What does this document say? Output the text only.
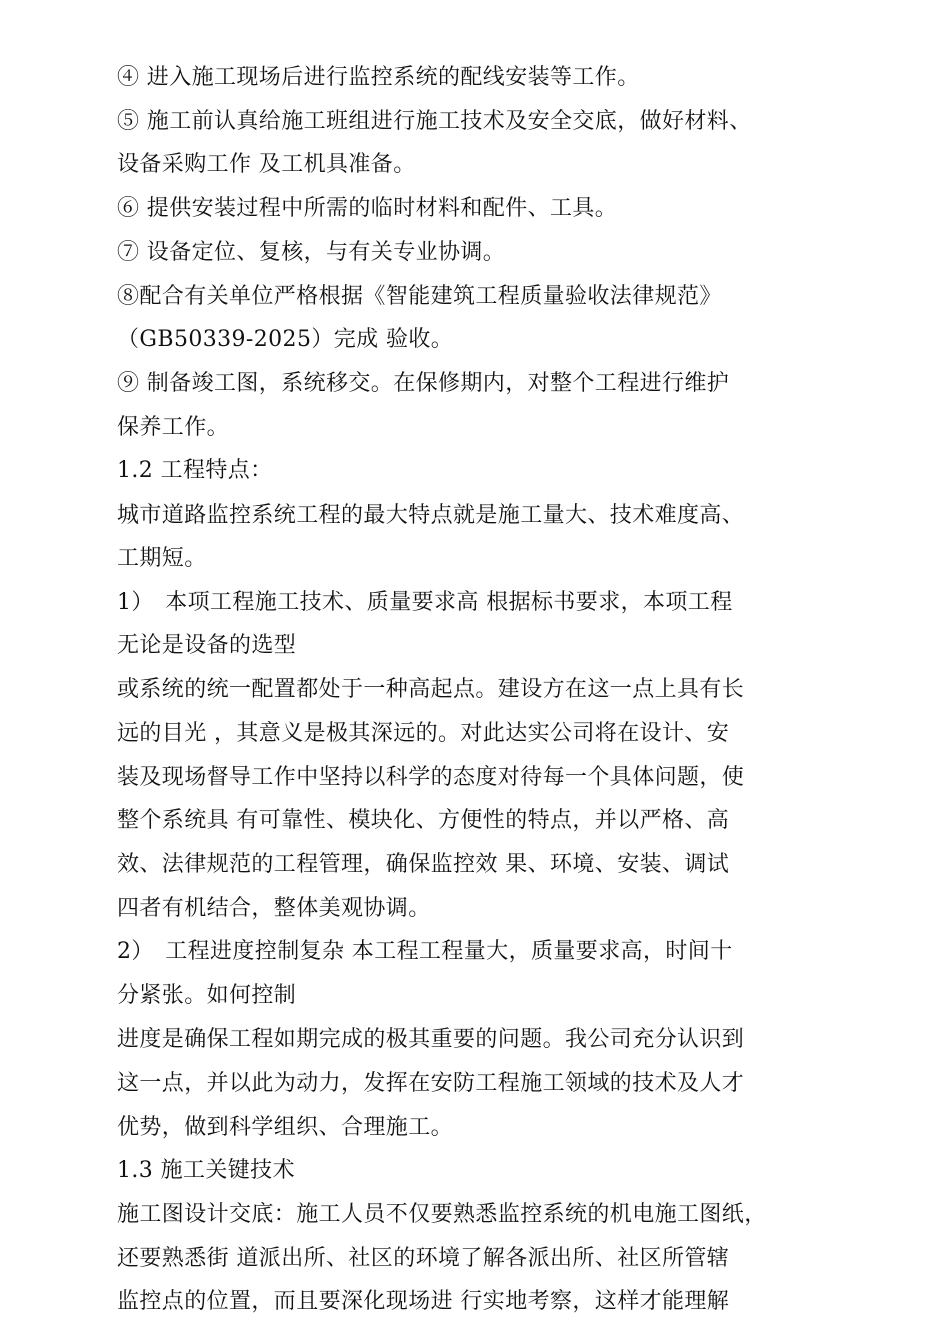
④ 进入施工现场后进行监控系统的配线安装等工作。
⑤ 施工前认真给施工班组进行施工技术及安全交底，做好材料、
设备采购工作 及工机具准备。
⑥ 提供安装过程中所需的临时材料和配件、工具。
⑦ 设备定位、复核，与有关专业协调。
⑧配合有关单位严格根据《智能建筑工程质量验收法律规范》
（GB50339-2025）完成 验收。
⑨ 制备竣工图，系统移交。在保修期内，对整个工程进行维护
保养工作。
1.2 工程特点：
城市道路监控系统工程的最大特点就是施工量大、技术难度高、
工期短。
1）　本项工程施工技术、质量要求高 根据标书要求，本项工程
无论是设备的选型
或系统的统一配置都处于一种高起点。建设方在这一点上具有长
远的目光 ，其意义是极其深远的。对此达实公司将在设计、安
装及现场督导工作中坚持以科学的态度对待每一个具体问题，使
整个系统具 有可靠性、模块化、方便性的特点，并以严格、高
效、法律规范的工程管理，确保监控效 果、环境、安装、调试
四者有机结合，整体美观协调。
2）　工程进度控制复杂 本工程工程量大，质量要求高，时间十
分紧张。如何控制
进度是确保工程如期完成的极其重要的问题。我公司充分认识到
这一点，并以此为动力，发挥在安防工程施工领域的技术及人才
优势，做到科学组织、合理施工。
1.3 施工关键技术
施工图设计交底：施工人员不仅要熟悉监控系统的机电施工图纸，
还要熟悉街 道派出所、社区的环境了解各派出所、社区所管辖
监控点的位置，而且要深化现场进 行实地考察，这样才能理解
